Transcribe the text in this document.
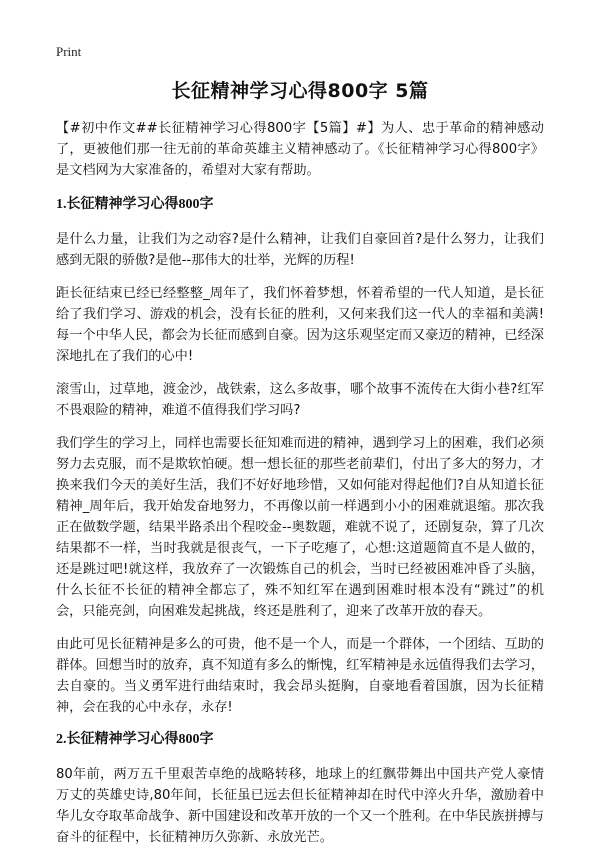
Print
长征精神学习心得800字 5篇

【#初中作文##长征精神学习心得800字【5篇】#】为人、忠于革命的精神感动了，更被他们那一往无前的革命英雄主义精神感动了。《长征精神学习心得800字》是文档网为大家准备的，希望对大家有帮助。

1.长征精神学习心得800字

是什么力量，让我们为之动容?是什么精神，让我们自豪回首?是什么努力，让我们感到无限的骄傲?是他--那伟大的壮举，光辉的历程!

距长征结束已经已经整整_周年了，我们怀着梦想，怀着希望的一代人知道，是长征给了我们学习、游戏的机会，没有长征的胜利，又何来我们这一代人的幸福和美满!每一个中华人民，都会为长征而感到自豪。因为这乐观坚定而又豪迈的精神，已经深深地扎在了我们的心中!

滚雪山，过草地，渡金沙，战铁索，这么多故事，哪个故事不流传在大街小巷?红军不畏艰险的精神，难道不值得我们学习吗?

我们学生的学习上，同样也需要长征知难而进的精神，遇到学习上的困难，我们必须努力去克服，而不是欺软怕硬。想一想长征的那些老前辈们，付出了多大的努力，才换来我们今天的美好生活，我们不好好地珍惜，又如何能对得起他们?自从知道长征精神_周年后，我开始发奋地努力，不再像以前一样遇到小小的困难就退缩。那次我正在做数学题，结果半路杀出个程咬金--奥数题，难就不说了，还剧复杂，算了几次结果都不一样，当时我就是很丧气，一下子吃瘪了，心想:这道题简直不是人做的，还是跳过吧!就这样，我放弃了一次锻炼自己的机会，当时已经被困难冲昏了头脑，什么长征不长征的精神全都忘了，殊不知红军在遇到困难时根本没有“跳过”的机会，只能亮剑，向困难发起挑战，终还是胜利了，迎来了改革开放的春天。

由此可见长征精神是多么的可贵，他不是一个人，而是一个群体，一个团结、互助的群体。回想当时的放弃，真不知道有多么的惭愧，红军精神是永远值得我们去学习，去自豪的。当义勇军进行曲结束时，我会昂头挺胸，自豪地看着国旗，因为长征精神，会在我的心中永存，永存!

2.长征精神学习心得800字

80年前，两万五千里艰苦卓绝的战略转移，地球上的红飘带舞出中国共产党人豪情万丈的英雄史诗,80年间，长征虽已远去但长征精神却在时代中淬火升华，激励着中华儿女夺取革命战争、新中国建设和改革开放的一个又一个胜利。在中华民族拼搏与奋斗的征程中，长征精神历久弥新、永放光芒。
